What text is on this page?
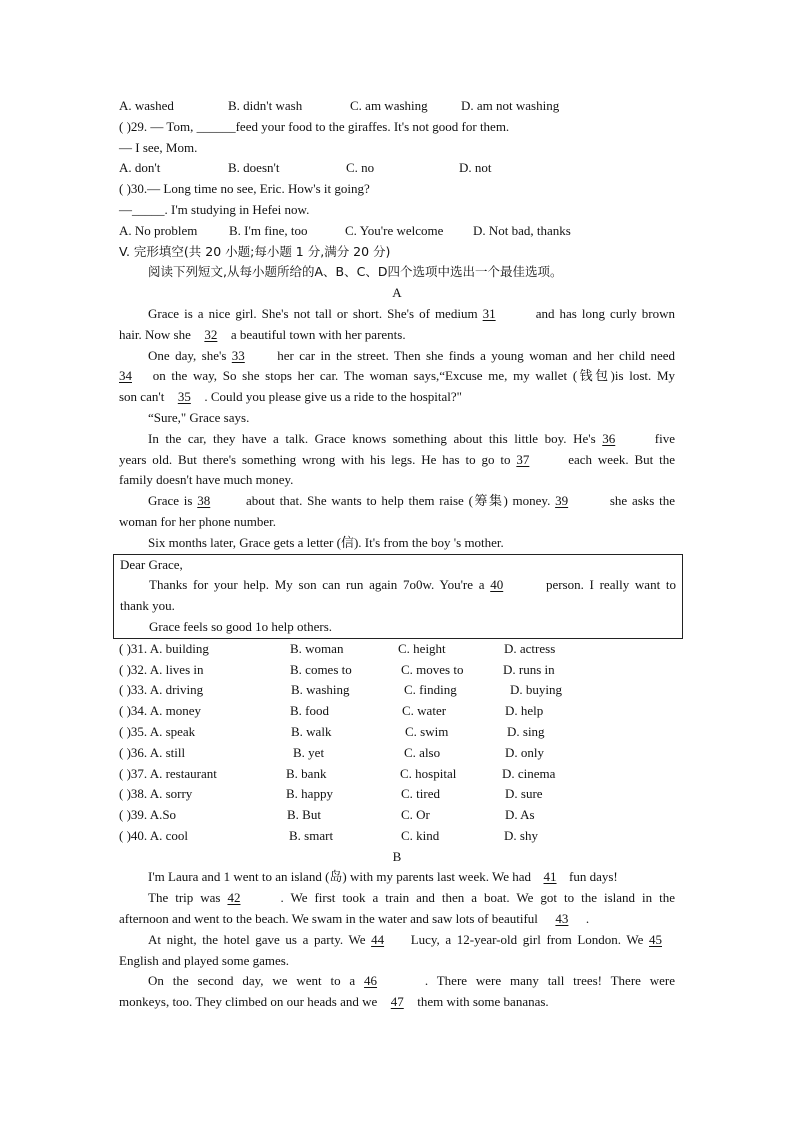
A. washed	B. didn't wash	C. am washing	D. am not washing
( )29. — Tom, ______feed your food to the giraffes. It's not good for them.
— I see, Mom.
A. don't	B. doesn't	C. no	D. not
( )30.— Long time no see, Eric. How's it going?
—_____. I'm studying in Hefei now.
A. No problem B. I'm fine, too	C. You're welcome D. Not bad, thanks
V. 完形填空(共 20 小题;每小题 1 分,满分 20 分)
阅读下列短文,从每小题所给的A、B、C、D四个选项中选出一个最佳选项。
A
Grace is a nice girl. She's not tall or short. She's of medium 31	and has long curly brown
hair. Now she 32 a beautiful town with her parents.
One day, she's 33 her car in the street. Then she finds a young woman and her child need
34 on the way, So she stops her car. The woman says,“Excuse me, my wallet (钱包)is lost. My
son can't 35 . Could you please give us a ride to the hospital?"
“Sure," Grace says.
In the car, they have a talk. Grace knows something about this little boy. He's 36	five
years old. But there's something wrong with his legs. He has to go to 37	each week. But the
family doesn't have much money.
Grace is 38	about that. She wants to help them raise (筹集) money. 39	she asks the
woman for her phone number.
Six months later, Grace gets a letter (信). It's from the boy 's mother.
Dear Grace,
Thanks for your help. My son can run again 7o0w. You're a 40	person. I really want to
thank you.
Grace feels so good 1o help others.
( )31. A. building	B. woman	C. height	D. actress
( )32. A. lives in	B. comes to	C. moves to	D. runs in
( )33. A. driving	B. washing	C. finding	D. buying
( )34. A. money	B. food	C. water	D. help
( )35. A. speak	B. walk	C. swim	D. sing
( )36. A. still	B. yet	C. also	D. only
( )37. A. restaurant	B. bank	C. hospital	D. cinema
( )38. A. sorry	B. happy	C. tired	D. sure
( )39. A.So	B. But	C. Or	D. As
( )40. A. cool	B. smart	C. kind	D. shy
B
I'm Laura and 1 went to an island (岛) with my parents last week. We had 41 fun days!
The trip was 42	. We first took a train and then a boat. We got to the island in the
afternoon and went to the beach. We swam in the water and saw lots of beautiful 43 .
At night, the hotel gave us a party. We 44 Lucy, a 12-year-old girl from London. We 45
English and played some games.
On the second day, we went to a 46	. There were many tall trees! There were
monkeys, too. They climbed on our heads and we 47 them with some bananas.
